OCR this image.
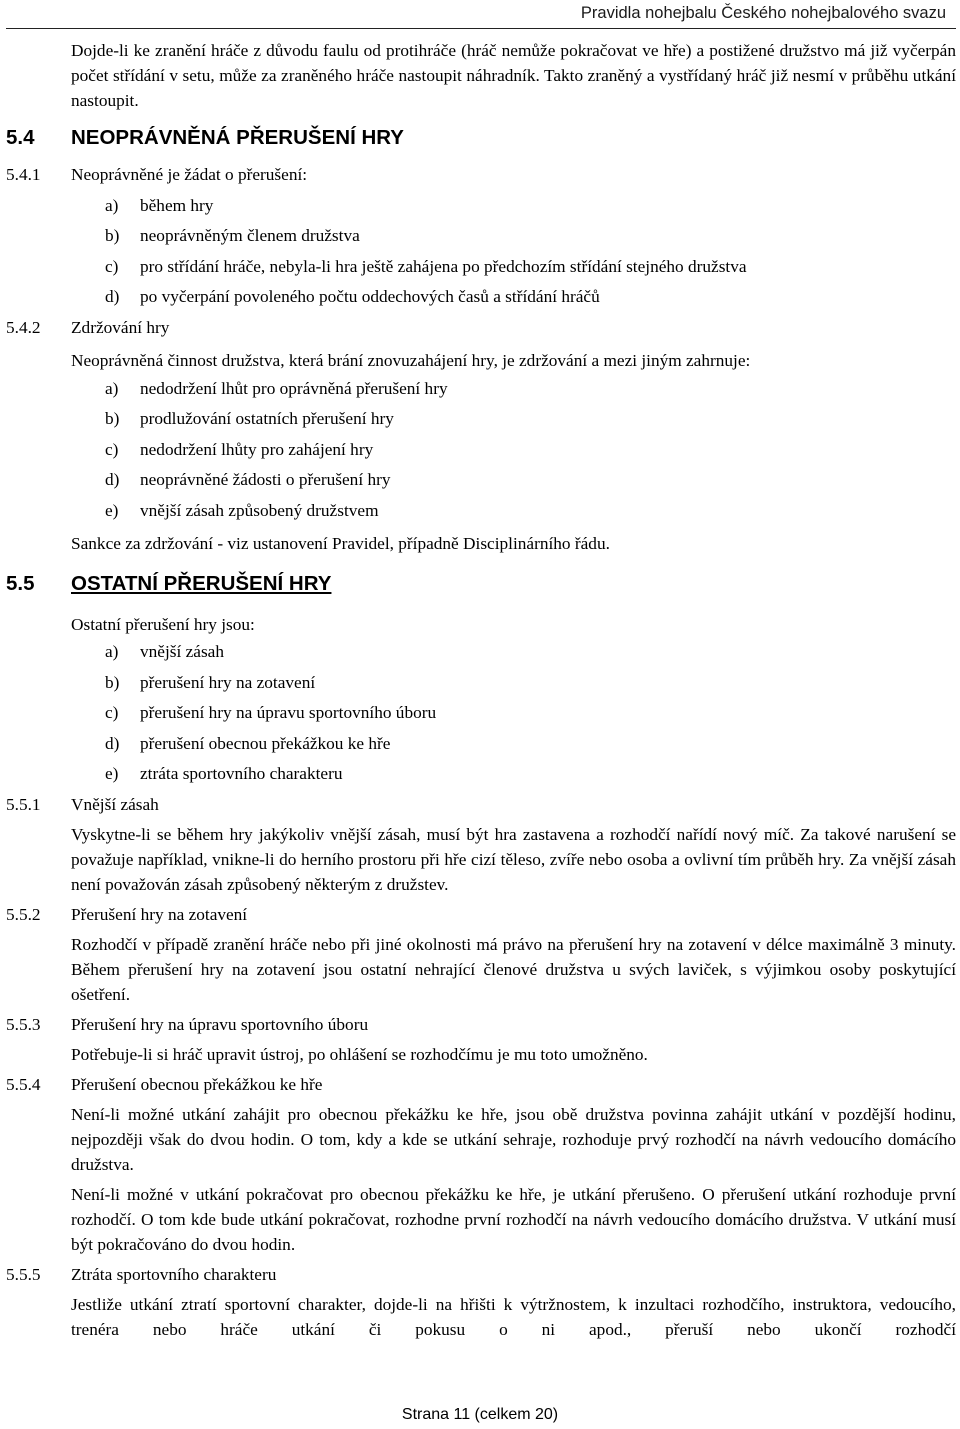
Pravidla nohejbalu Českého nohejbalového svazu
Dojde-li ke zranění hráče z důvodu faulu od protihráče (hráč nemůže pokračovat ve hře) a postižené družstvo má již vyčerpán počet střídání v setu, může za zraněného hráče nastoupit náhradník. Takto zraněný a vystřídaný hráč již nesmí v průběhu utkání nastoupit.
5.4	NEOPRÁVNĚNÁ PŘERUŠENÍ HRY
5.4.1	Neoprávněné je žádat o přerušení:
a)	během hry
b)	neoprávněným členem družstva
c)	pro střídání hráče, nebyla-li hra ještě zahájena po předchozím střídání stejného družstva
d)	po vyčerpání povoleného počtu oddechových časů a střídání hráčů
5.4.2	Zdržování hry
Neoprávněná činnost družstva, která brání znovuzahájení hry, je zdržování a mezi jiným zahrnuje:
a)	nedodržení lhůt pro oprávněná přerušení hry
b)	prodlužování ostatních přerušení hry
c)	nedodržení lhůty pro zahájení hry
d)	neoprávněné žádosti o přerušení hry
e)	vnější zásah způsobený družstvem
Sankce za zdržování - viz ustanovení Pravidel, případně Disciplinárního řádu.
5.5	OSTATNÍ PŘERUŠENÍ HRY
Ostatní přerušení hry jsou:
a)	vnější zásah
b)	přerušení hry na zotavení
c)	přerušení hry na úpravu sportovního úboru
d)	přerušení obecnou překážkou ke hře
e)	ztráta sportovního charakteru
5.5.1	Vnější zásah
Vyskytne-li se během hry jakýkoliv vnější zásah, musí být hra zastavena a rozhodčí nařídí nový míč. Za takové narušení se považuje například, vnikne-li do herního prostoru při hře cizí těleso, zvíře nebo osoba a ovlivní tím průběh hry. Za vnější zásah není považován zásah způsobený některým z družstev.
5.5.2	Přerušení hry na zotavení
Rozhodčí v případě zranění hráče nebo při jiné okolnosti má právo na přerušení hry na zotavení v délce maximálně 3 minuty. Během přerušení hry na zotavení jsou ostatní nehrající členové družstva u svých laviček, s výjimkou osoby poskytující ošetření.
5.5.3	Přerušení hry na úpravu sportovního úboru
Potřebuje-li si hráč upravit ústroj, po ohlášení se rozhodčímu je mu toto umožněno.
5.5.4	Přerušení obecnou překážkou ke hře
Není-li možné utkání zahájit pro obecnou překážku ke hře, jsou obě družstva povinna zahájit utkání v pozdější hodinu, nejpozději však do dvou hodin. O tom, kdy a kde se utkání sehraje, rozhoduje prvý rozhodčí na návrh vedoucího domácího družstva.
Není-li možné v utkání pokračovat pro obecnou překážku ke hře, je utkání přerušeno. O přerušení utkání rozhoduje první rozhodčí. O tom kde bude utkání pokračovat, rozhodne první rozhodčí na návrh vedoucího domácího družstva. V utkání musí být pokračováno do dvou hodin.
5.5.5	Ztráta sportovního charakteru
Jestliže utkání ztratí sportovní charakter, dojde-li na hřišti k výtržnostem, k inzultaci rozhodčího, instruktora, vedoucího, trenéra nebo hráče utkání či pokusu o ni apod., přeruší nebo ukončí rozhodčí
Strana 11 (celkem 20)
